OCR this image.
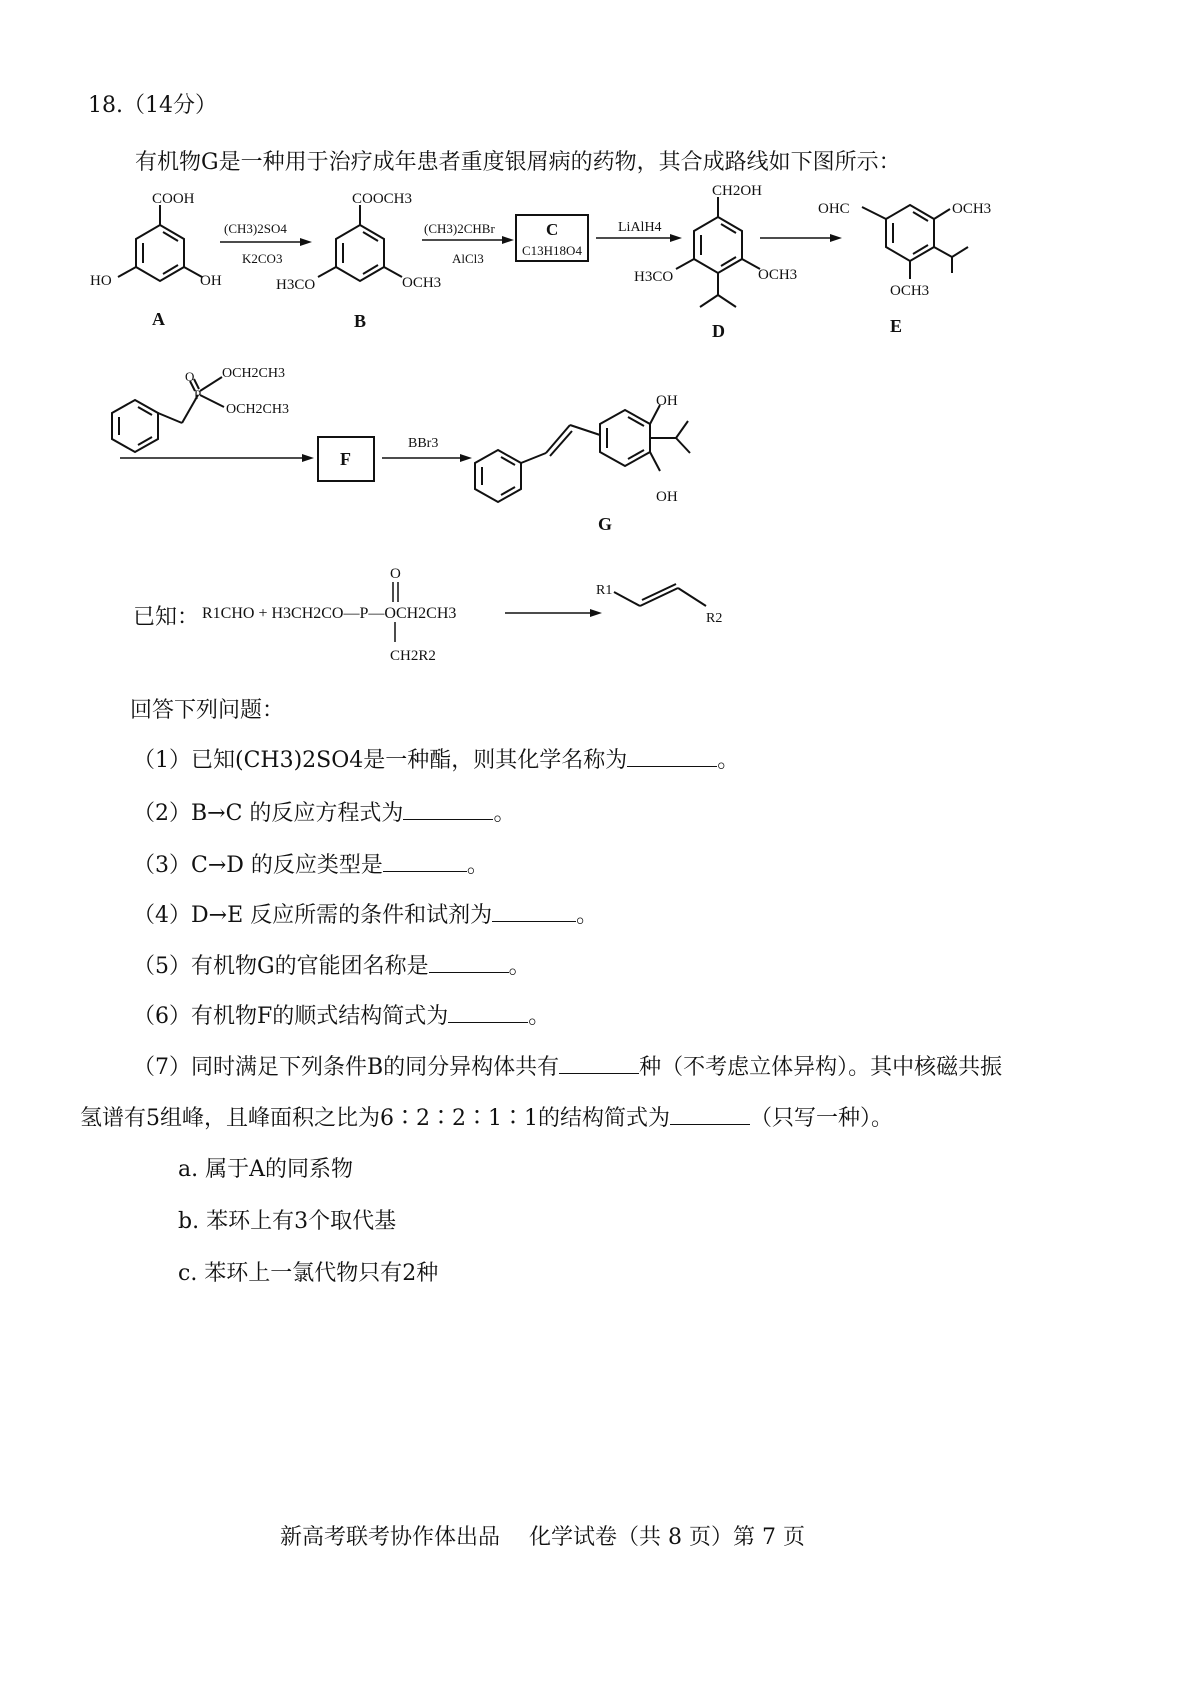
18.（14分）
有机物G是一种用于治疗成年患者重度银屑病的药物，其合成路线如下图所示：
COOH
HO	OH
A
(CH3)2SO4
K2CO3
COOCH3
H3CO	OCH3
B
(CH3)2CHBr
AlCl3
C
C13H18O4
LiAlH4
CH2OH
H3CO	OCH3
D
OHC	OCH3
OCH3
E
O
P
OCH2CH3
OCH2CH3
F
BBr3
OH
OH
G
已知： R1CHO + H3CH2CO—P—OCH2CH3
O
CH2R2
R1
R2
回答下列问题：
（1）已知(CH3)2SO4是一种酯，则其化学名称为	。
（2）B→C 的反应方程式为	。
（3）C→D 的反应类型是	。
（4）D→E 反应所需的条件和试剂为	。
（5）有机物G的官能团名称是	。
（6）有机物F的顺式结构简式为	。
（7）同时满足下列条件B的同分异构体共有	种（不考虑立体异构）。其中核磁共振
氢谱有5组峰，且峰面积之比为6∶2∶2∶1∶1的结构简式为	（只写一种）。
a. 属于A的同系物
b. 苯环上有3个取代基
c. 苯环上一氯代物只有2种
新高考联考协作体出品　 化学试卷（共 8 页）第 7 页
